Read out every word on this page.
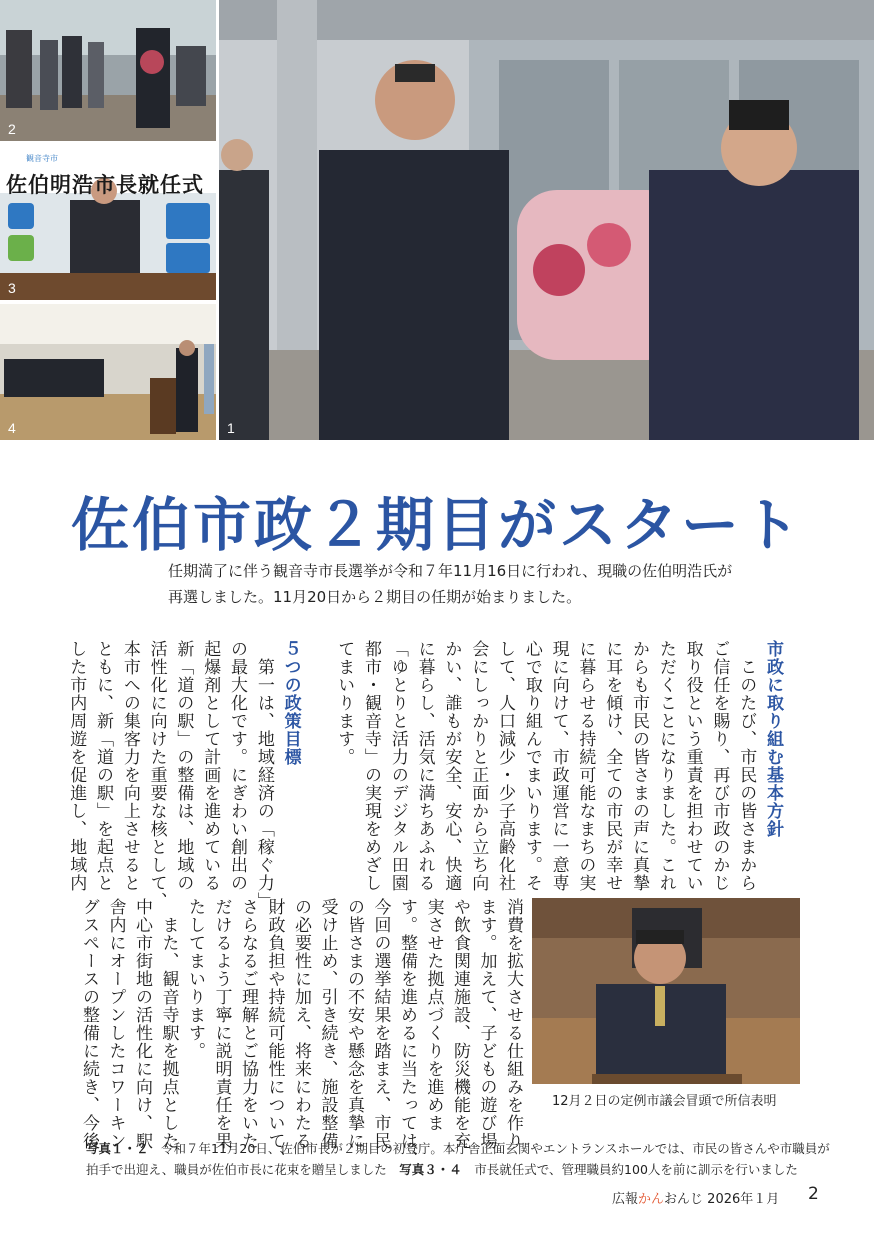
2
観音寺市
佐伯明浩市長就任式
3
4	1
佐伯市政２期目がスタート
任期満了に伴う観音寺市長選挙が令和７年11月16日に行われ、現職の佐伯明浩氏が
再選しました。11月20日から２期目の任期が始まりました。
市政に取り組む基本方針
　このたび、市民の皆さまから
ご信任を賜り、再び市政のかじ
取り役という重責を担わせてい
ただくことになりました。これ
からも市民の皆さまの声に真摯
に耳を傾け、全ての市民が幸せ
に暮らせる持続可能なまちの実
現に向けて、市政運営に一意専
心で取り組んでまいります。そ
して、人口減少・少子高齢化社
会にしっかりと正面から立ち向
かい、誰もが安全、安心、快適
に暮らし、活気に満ちあふれる
「ゆとりと活力のデジタル田園
都市・観音寺」の実現をめざし
てまいります。
５つの政策目標
　第一は、地域経済の「稼ぐ力」
の最大化です。にぎわい創出の
起爆剤として計画を進めている
新「道の駅」の整備は、地域の
活性化に向けた重要な核として、
本市への集客力を向上させると
ともに、新「道の駅」を起点と
した市内周遊を促進し、地域内
消費を拡大させる仕組みを作り
ます。加えて、子どもの遊び場
や飲食関連施設、防災機能を充
実させた拠点づくりを進めま
す。整備を進めるに当たっては、
今回の選挙結果を踏まえ、市民
の皆さまの不安や懸念を真摯に
受け止め、引き続き、施設整備
の必要性に加え、将来にわたる
財政負担や持続可能性について、
さらなるご理解とご協力をいた
だけるよう丁寧に説明責任を果
たしてまいります。
　また、観音寺駅を拠点とした
中心市街地の活性化に向け、駅
舎内にオープンしたコワーキン
グスペースの整備に続き、今後	12月２日の定例市議会冒頭で所信表明
写真１・２　令和７年11月20日、佐伯市長が２期目の初登庁。本庁舎正面玄関やエントランスホールでは、市民の皆さんや市職員が
拍手で出迎え、職員が佐伯市長に花束を贈呈しました　写真３・４　市長就任式で、管理職員約100人を前に訓示を行いました
広報かんおんじ 2026年１月 2
